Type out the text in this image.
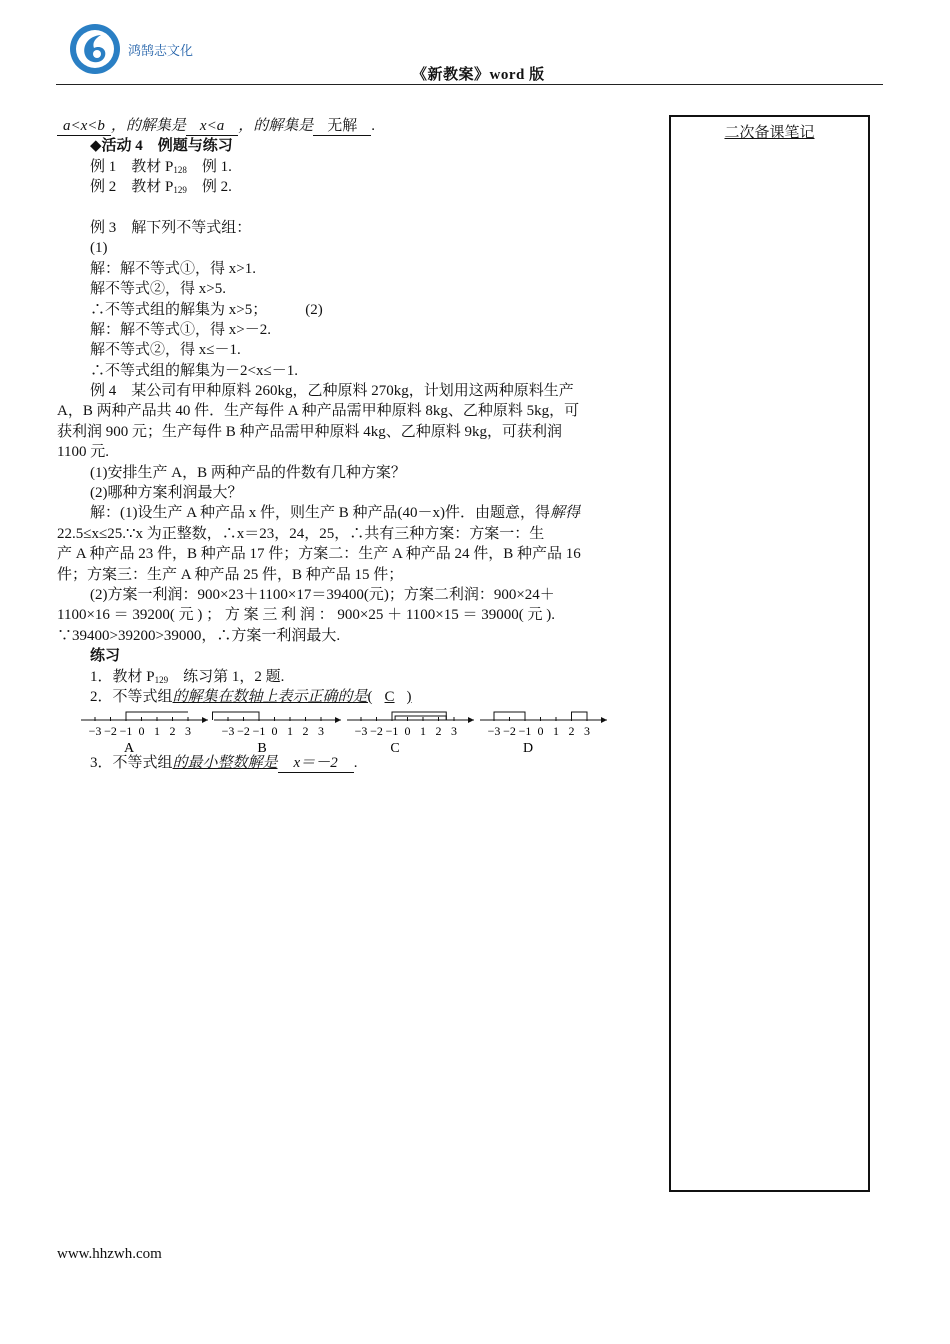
鸿鹄志文化
《新教案》word 版
a<x<b ，的解集是 x<a ，的解集是 无解 .
◆活动 4　例题与练习
例 1　教材 $P_{128}$　例 1.
例 2　教材 $P_{129}$　例 2.
例 3　解下列不等式组：
(1)
解：解不等式①，得 x>1.
解不等式②，得 x>5.
∴不等式组的解集为 x>5；	(2)
解：解不等式①，得 x>－2.
解不等式②，得 x≤－1.
∴不等式组的解集为－2<x≤－1.
例 4　某公司有甲种原料 260kg，乙种原料 270kg，计划用这两种原料生产
A，B 两种产品共 40 件．生产每件 A 种产品需甲种原料 8kg、乙种原料 5kg，可
获利润 900 元；生产每件 B 种产品需甲种原料 4kg、乙种原料 9kg，可获利润
1100 元.
(1)安排生产 A，B 两种产品的件数有几种方案？
(2)哪种方案利润最大？
解：(1)设生产 A 种产品 x 件，则生产 B 种产品(40－x)件．由题意，得解得
22.5≤x≤25.∵x 为正整数，∴x＝23，24，25，∴共有三种方案：方案一：生
产 A 种产品 23 件，B 种产品 17 件；方案二：生产 A 种产品 24 件，B 种产品 16
件；方案三：生产 A 种产品 25 件，B 种产品 15 件；
(2)方案一利润：900×23＋1100×17＝39400(元)；方案二利润：900×24＋
1100×16 ＝ 39200( 元 ) ； 方 案 三 利 润 ： 900×25 ＋ 1100×15 ＝ 39000( 元 ).
∵39400>39200>39000，∴方案一利润最大.
练习
1．教材 $P_{129}$　练习第 1，2 题.
2．不等式组的解集在数轴上表示正确的是( C )
−3 −2 −1 0 1 2 3
A
−3 −2 −1 0 1 2 3
B
−3 −2 −1 0 1 2 3
C
−3 −2 −1 0 1 2 3
D
3．不等式组的最小整数解是 x＝－2 .
二次备课笔记
www.hhzwh.com
